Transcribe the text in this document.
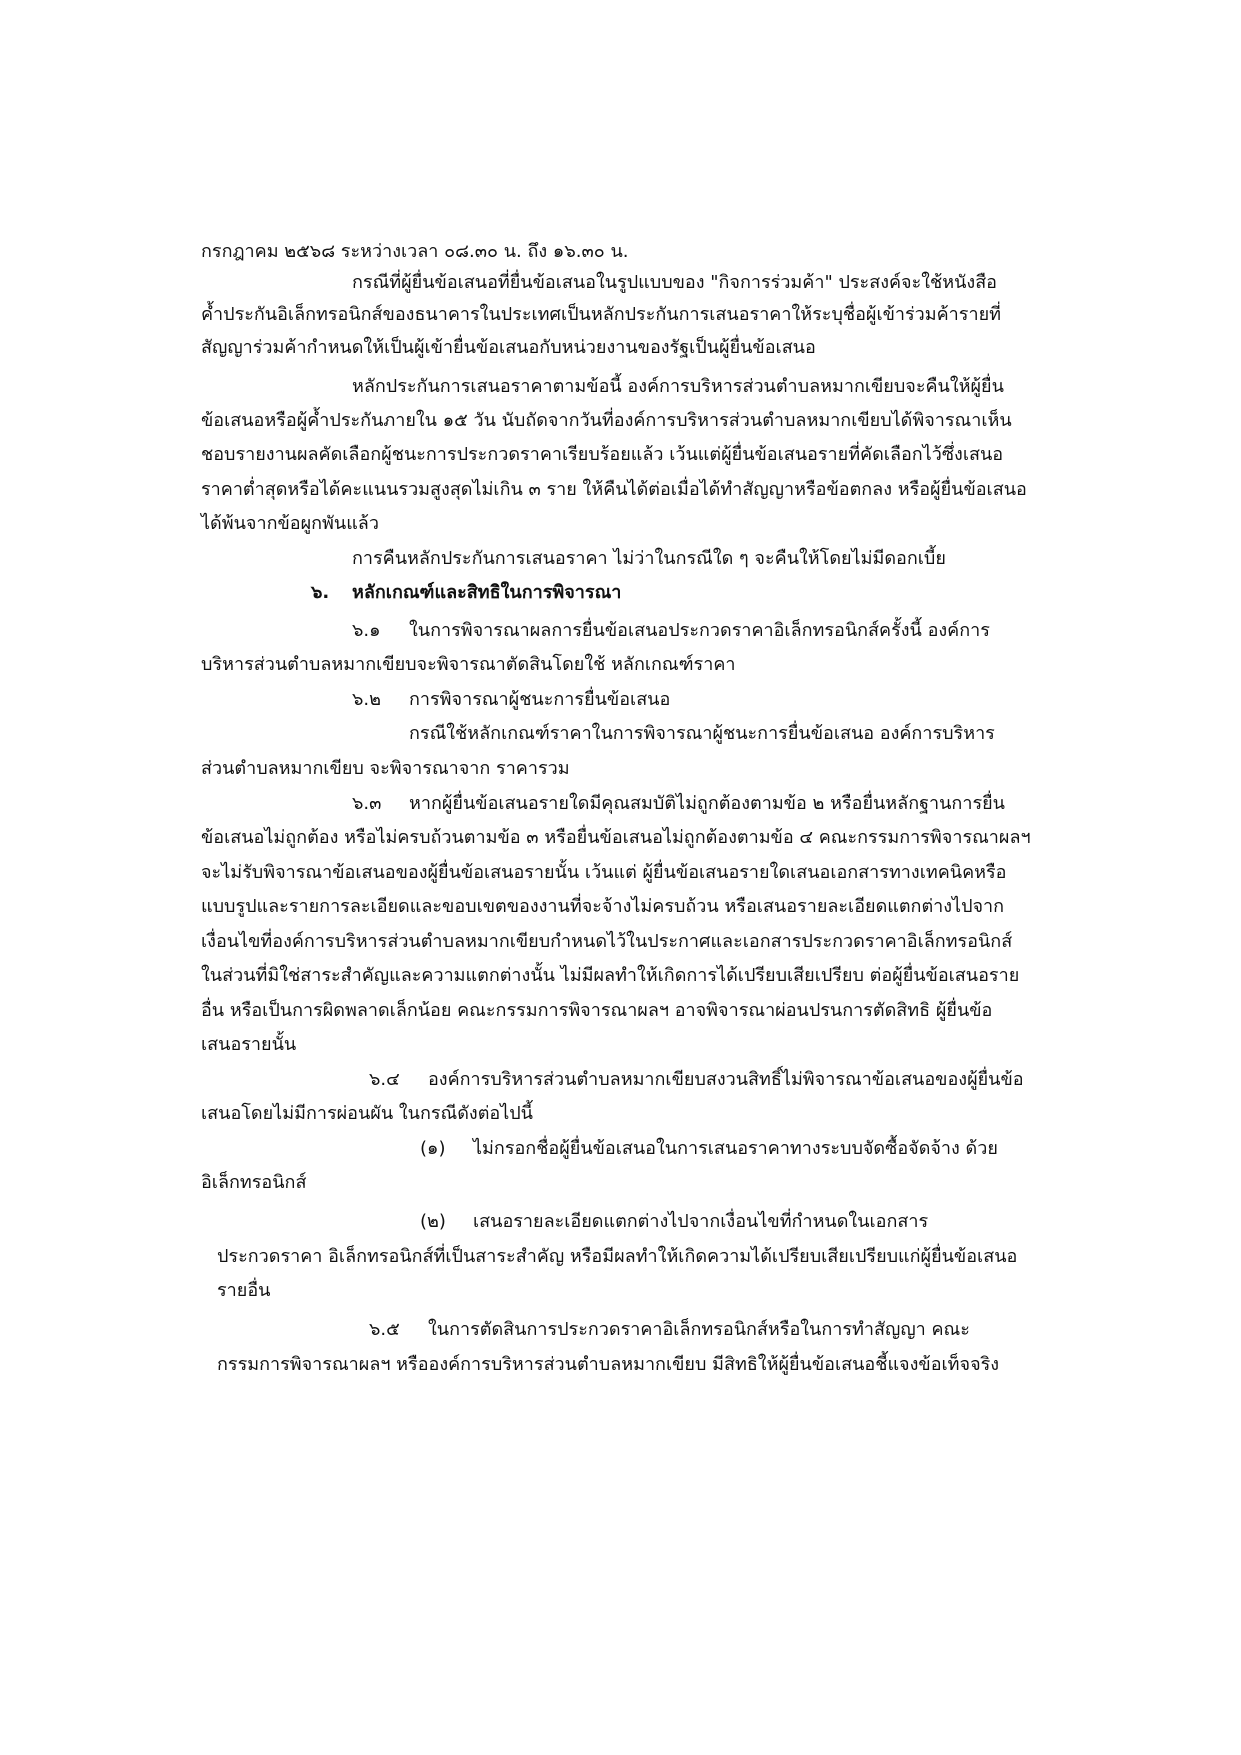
กรกฎาคม ๒๕๖๘ ระหว่างเวลา ๐๘.๓๐ น. ถึง ๑๖.๓๐ น.
กรณีที่ผู้ยื่นข้อเสนอที่ยื่นข้อเสนอในรูปแบบของ "กิจการร่วมค้า" ประสงค์จะใช้หนังสือ
ค้ำประกันอิเล็กทรอนิกส์ของธนาคารในประเทศเป็นหลักประกันการเสนอราคาให้ระบุชื่อผู้เข้าร่วมค้ารายที่
สัญญาร่วมค้ากำหนดให้เป็นผู้เข้ายื่นข้อเสนอกับหน่วยงานของรัฐเป็นผู้ยื่นข้อเสนอ
หลักประกันการเสนอราคาตามข้อนี้ องค์การบริหารส่วนตำบลหมากเขียบจะคืนให้ผู้ยื่น
ข้อเสนอหรือผู้ค้ำประกันภายใน ๑๕ วัน นับถัดจากวันที่องค์การบริหารส่วนตำบลหมากเขียบได้พิจารณาเห็น
ชอบรายงานผลคัดเลือกผู้ชนะการประกวดราคาเรียบร้อยแล้ว เว้นแต่ผู้ยื่นข้อเสนอรายที่คัดเลือกไว้ซึ่งเสนอ
ราคาต่ำสุดหรือได้คะแนนรวมสูงสุดไม่เกิน ๓ ราย ให้คืนได้ต่อเมื่อได้ทำสัญญาหรือข้อตกลง หรือผู้ยื่นข้อเสนอ
ได้พ้นจากข้อผูกพันแล้ว
การคืนหลักประกันการเสนอราคา ไม่ว่าในกรณีใด ๆ จะคืนให้โดยไม่มีดอกเบี้ย
๖. หลักเกณฑ์และสิทธิในการพิจารณา
๖.๑ ในการพิจารณาผลการยื่นข้อเสนอประกวดราคาอิเล็กทรอนิกส์ครั้งนี้ องค์การ
บริหารส่วนตำบลหมากเขียบจะพิจารณาตัดสินโดยใช้ หลักเกณฑ์ราคา
๖.๒ การพิจารณาผู้ชนะการยื่นข้อเสนอ
กรณีใช้หลักเกณฑ์ราคาในการพิจารณาผู้ชนะการยื่นข้อเสนอ องค์การบริหาร
ส่วนตำบลหมากเขียบ จะพิจารณาจาก ราคารวม
๖.๓ หากผู้ยื่นข้อเสนอรายใดมีคุณสมบัติไม่ถูกต้องตามข้อ ๒ หรือยื่นหลักฐานการยื่น
ข้อเสนอไม่ถูกต้อง หรือไม่ครบถ้วนตามข้อ ๓ หรือยื่นข้อเสนอไม่ถูกต้องตามข้อ ๔ คณะกรรมการพิจารณาผลฯ
จะไม่รับพิจารณาข้อเสนอของผู้ยื่นข้อเสนอรายนั้น เว้นแต่ ผู้ยื่นข้อเสนอรายใดเสนอเอกสารทางเทคนิคหรือ
แบบรูปและรายการละเอียดและขอบเขตของงานที่จะจ้างไม่ครบถ้วน หรือเสนอรายละเอียดแตกต่างไปจาก
เงื่อนไขที่องค์การบริหารส่วนตำบลหมากเขียบกำหนดไว้ในประกาศและเอกสารประกวดราคาอิเล็กทรอนิกส์
ในส่วนที่มิใช่สาระสำคัญและความแตกต่างนั้น ไม่มีผลทำให้เกิดการได้เปรียบเสียเปรียบ ต่อผู้ยื่นข้อเสนอราย
อื่น หรือเป็นการผิดพลาดเล็กน้อย คณะกรรมการพิจารณาผลฯ อาจพิจารณาผ่อนปรนการตัดสิทธิ ผู้ยื่นข้อ
เสนอรายนั้น
๖.๔ องค์การบริหารส่วนตำบลหมากเขียบสงวนสิทธิ์ไม่พิจารณาข้อเสนอของผู้ยื่นข้อ
เสนอโดยไม่มีการผ่อนผัน ในกรณีดังต่อไปนี้
(๑) ไม่กรอกชื่อผู้ยื่นข้อเสนอในการเสนอราคาทางระบบจัดซื้อจัดจ้าง ด้วย
อิเล็กทรอนิกส์
(๒) เสนอรายละเอียดแตกต่างไปจากเงื่อนไขที่กำหนดในเอกสาร
ประกวดราคา อิเล็กทรอนิกส์ที่เป็นสาระสำคัญ หรือมีผลทำให้เกิดความได้เปรียบเสียเปรียบแก่ผู้ยื่นข้อเสนอ
รายอื่น
๖.๕ ในการตัดสินการประกวดราคาอิเล็กทรอนิกส์หรือในการทำสัญญา คณะ
กรรมการพิจารณาผลฯ หรือองค์การบริหารส่วนตำบลหมากเขียบ มีสิทธิให้ผู้ยื่นข้อเสนอชี้แจงข้อเท็จจริง
